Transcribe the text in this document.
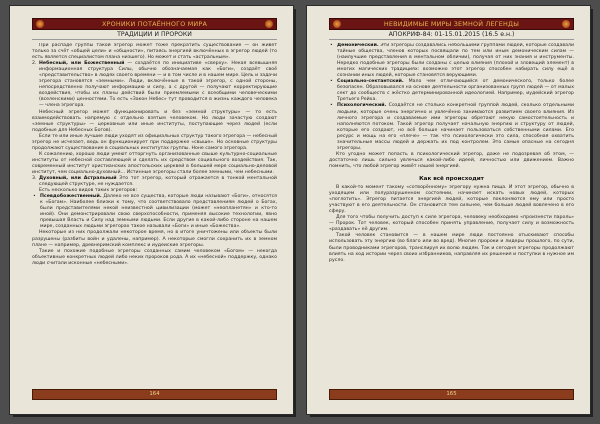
ХРОНИКИ ПОТАЁННОГО МИРА
ТРАДИЦИИ И ПРОРОКИ

При распаде группы такой эгрегор может тоже прекратить существование — он живёт только за счёт «общей цели» и «общности», питаясь энергией включённых в эгрегор людей (то есть является специалистом плана низшего). Но может и стать «астральным».

2. Небесный, или Божественный — создаётся по инициативе «сверху». Некая всевышняя информационная структура Силы, обычно обозначаемая как «Боги», создаёт своё «представительство» в людях своего времени — и в том числе и в нашем мире. Цель и задачи эгрегора становятся «земными». Люди, включённые в такой эгрегор, с одной стороны, непосредственно получают информацию и силу, а с другой — получают корректирующие воздействия, чтобы их планы действий были приемлемыми с всеобщими человеческими (вселенскими) ценностями. То есть «Закон Небес» тут проводится в жизнь каждого человека — члена эгрегора.

Небесный эгрегор может функционировать и без «земной структуры» — то есть взаимодействовать напрямую с отдельно взятым человеком. Но люди зачастую создают «земные структуры» — церковные или иные институты, поступающие через людей (если подобные для Небесных Богов).

Если те или иные лучшие люди уходят из официальных структур такого эгрегора — небесный эгрегор не исчезает, ведь он функционирует при поддержке «свыше». Но основные структуры продолжают существование в социальных институтах группы. Ноне самого эгрегора.

К сожалению, хорошо люди умеют отторгнуть организованные свыше культурно-социальные институты от небесной составляющей и сделать их средством социального воздействия. Так, современный институт христианских апостольских церквей в большей мере социально-деловой институт, чем социально-духовный… Истинные эгрегоры стали более земными, чем небесными.

3. Духовный, или Астральный Это тот эгрегор, который отражается в тонкой ментальной следующей структуре, не нуждается.

Есть несколько видов таких эгрегоров:

• Псевдобожественный. Далеко не все существа, которые люди называют «Боги», относятся к «Богам». Наиболее близки к тому, что соответствовало представлениям людей о Богах, были представителями некой неизвестной цивилизации (может «неопланетян» и кто-то иной). Они демонстрировали свою сверхспособности, применяя высокие технологии, явно превышая Власть и Силу над земными людьми. Если другие в какой-либо стороне на нашем мире, созданных людьми эгрегорах такое называли «Боги» и иные «Божества».

Некоторые из них продолжали некоторое время, но в итоге уничтожены или объекты были разрушены (разбиты войн и удалены, например). А некоторые смогли сохранить их в земном плане — например, древнеримский комплекс и иудеиские эгрегоры.

Такие и похожие подобные эгрегоры созданных самим человеком «Богом» — некогда объективные конкретных людей либо неких пророков рода. А их «небесной» поддержку, однако люди считали исконные «небесными».

164
НЕВИДИМЫЕ МИРЫ ЗЕМНОЙ ЛЕГЕНДЫ
АПОКРИФ-84: 01-15.01.2015 (16.5 e.н.)

• Демонический. Эти эгрегоры создавались небольшими группами людей, которые создавали тайные общества, членов которых посвящали по тем или иным демоническим силам — (наилучшие представления в ментальном обличии), получая от них знания и инструменты. Нередко подобные эгрегоры были созданы с целью влияния (плохой и зловещий элемент) в многих магических традициях: возможно этот эгрегор способен набирать силу ещё в сознании иных людей, которые становятся верующими.

• Социально-сектантский. Мало чем отличающийся от демонического, только более безопасен. Образовывался на основе деятельности организованных групп людей — от малых сект до сообществ с жёстко детерминированной идеологией. Например, иудейский эгрегор Третьего Рейха.

• Психологический. Создаётся не столько конкретной группой людей, сколько отдельными людьми, которые очень энергично и увлечённо занимаются развитием своего влияния. Из личного эгрегора и создаваемые ими эгрегоры обретают некую самостоятельность и наполняются потоком. Такой эгрегор получает начальную энергию и структуру от людей, которые его создают, но всё больше начинает пользоваться собственными силами. Его ресурс и мощь на его «плече» — так что психологически это сила, способная охватить значительные массы людей и держать их под контролем. Это самые опасные на сегодня эгрегоры.

Кто угодно может попасть в психологический эгрегор, даже не подозревая об этом, — достаточно лишь сильно увлечься какой-либо идеей, личностью или движением. Важно помнить, что любой эгрегор живёт нашей энергией.

Как всё происходит

В какой-то момент такому «сотворённому» эгрегору нужна пища. И этот эгрегор, обычно в уходящем или полуразрушенном состоянии, начинает искать новых людей, которых «поглотить». Эгрегор питается энергией людей, которые поклоняются ему или просто участвуют в его деятельности. Он становится тем сильнее, чем больше людей вовлечено в его сферу.

Для того чтобы получить доступ к силе эгрегора, человеку необходимо «произнести пароль» — Пророк. Тот человек, который способен принять управление, получает силу и возможность «раздавать» её другим.

Такой человек становится — в нашем мире люди постоянно отыскивают способы использовать эту энергию (во благо или во вред). Многие пророки и лидеры прошлого, по сути, были проводниками эгрегоров, транслируя их волю людям. Так и сегодня эгрегоры продолжают влиять на ход истории через своих избранников, направляя их решения и поступки в нужное им русло.

165
